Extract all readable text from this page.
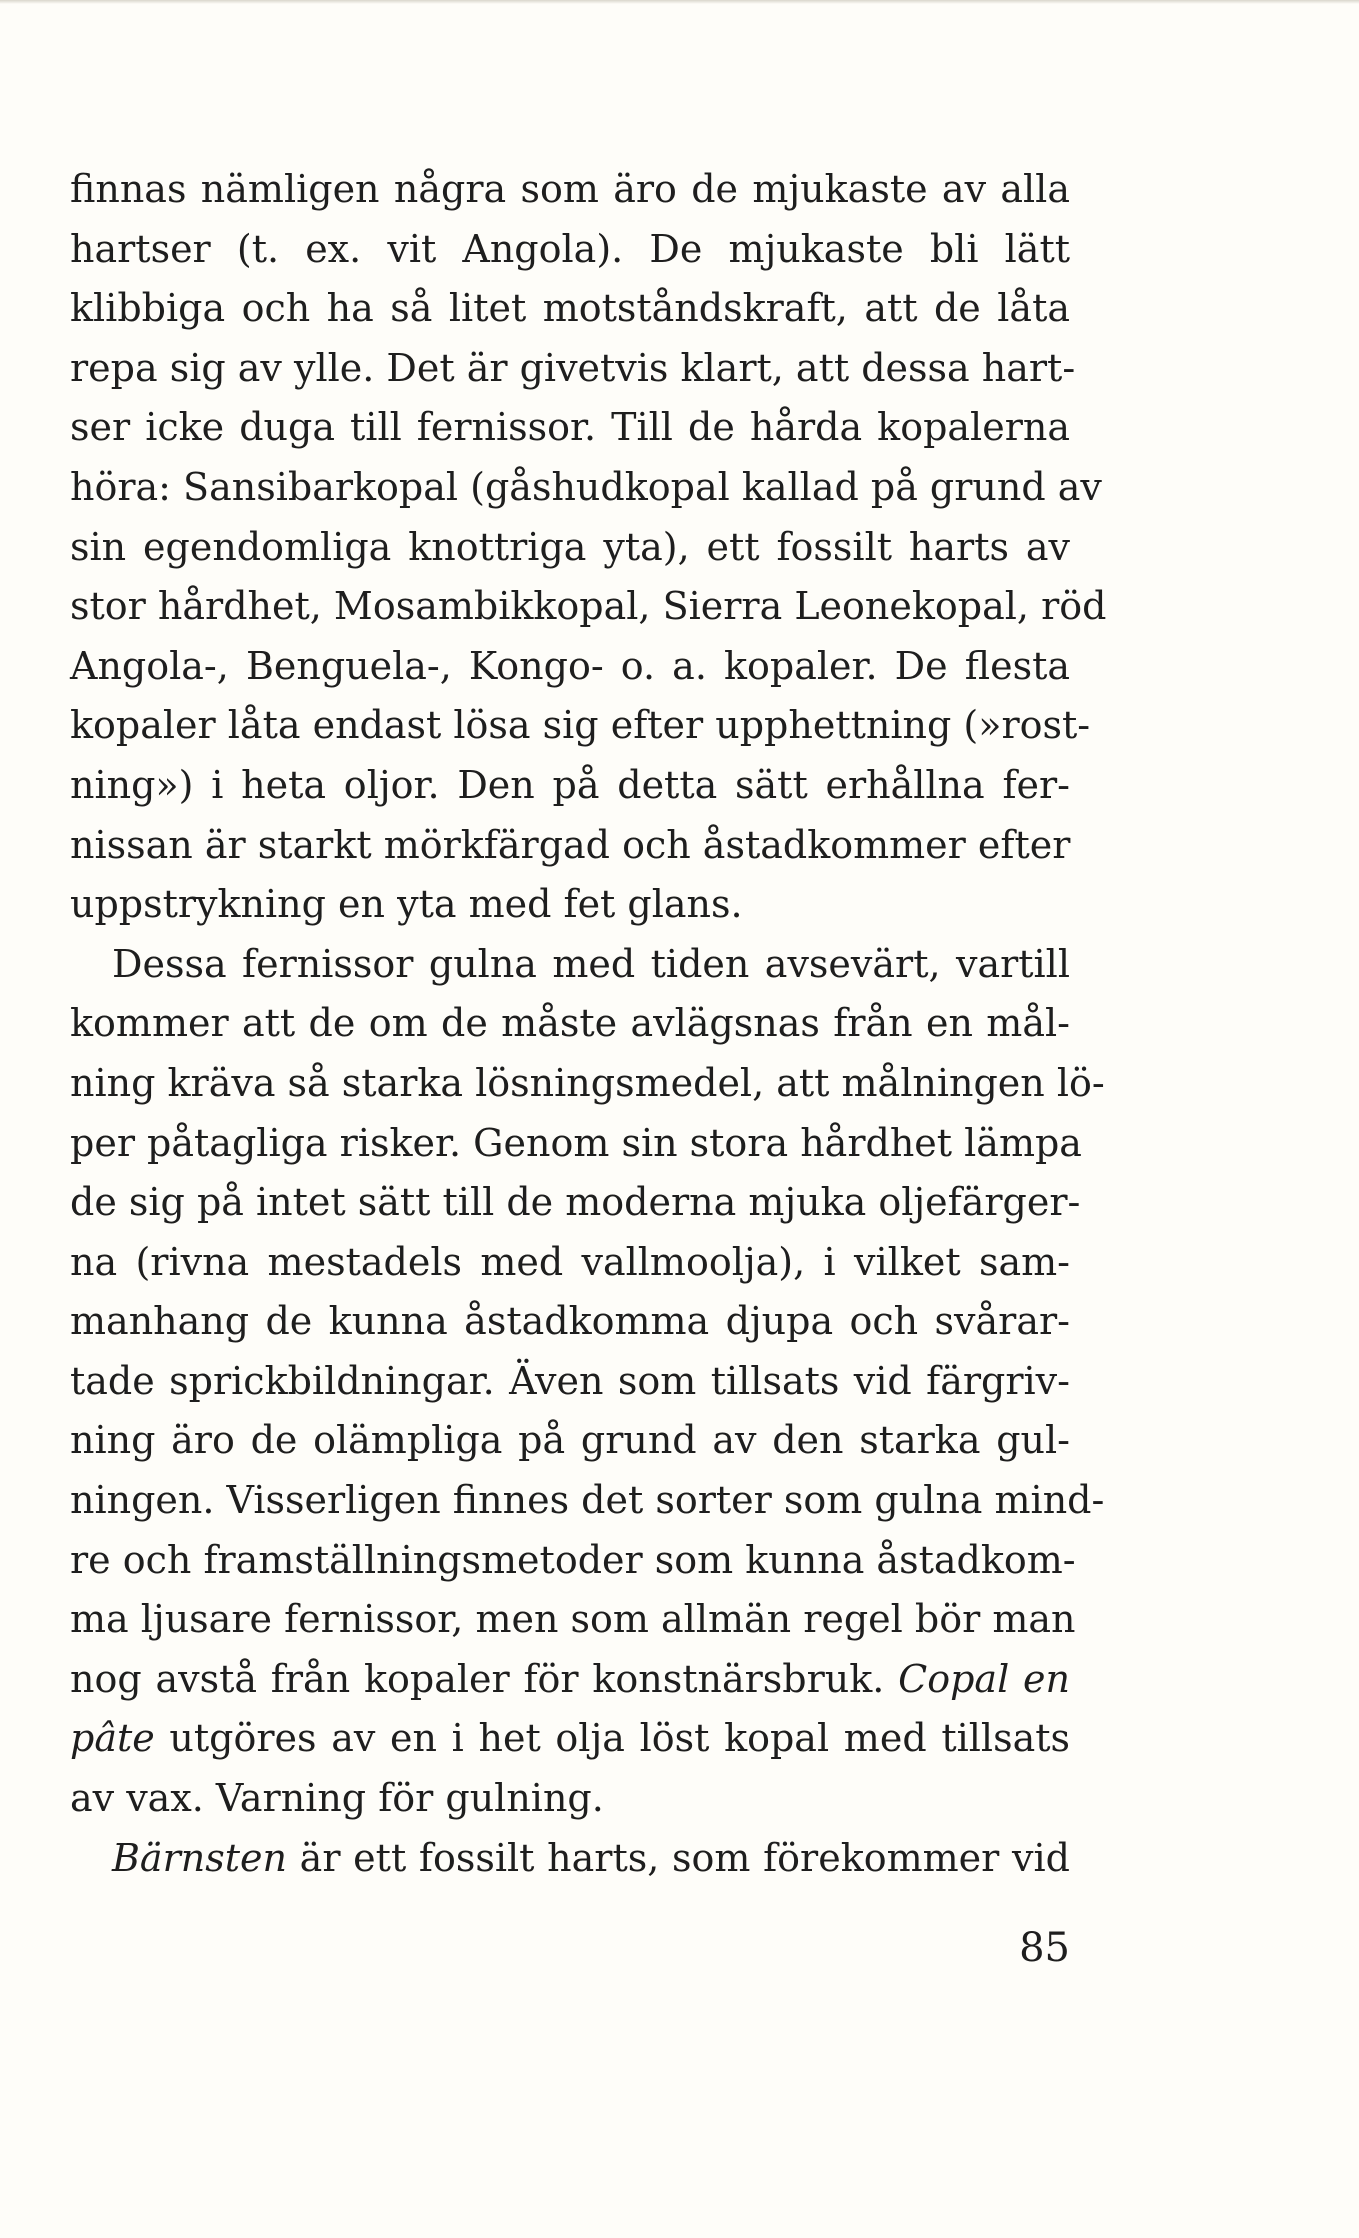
finnas nämligen några som äro de mjukaste av alla
hartser (t. ex. vit Angola). De mjukaste bli lätt
klibbiga och ha så litet motståndskraft, att de låta
repa sig av ylle. Det är givetvis klart, att dessa hart-
ser icke duga till fernissor. Till de hårda kopalerna
höra: Sansibarkopal (gåshudkopal kallad på grund av
sin egendomliga knottriga yta), ett fossilt harts av
stor hårdhet, Mosambikkopal, Sierra Leonekopal, röd
Angola-, Benguela-, Kongo- o. a. kopaler. De flesta
kopaler låta endast lösa sig efter upphettning (»rost-
ning») i heta oljor. Den på detta sätt erhållna fer-
nissan är starkt mörkfärgad och åstadkommer efter
uppstrykning en yta med fet glans.
Dessa fernissor gulna med tiden avsevärt, vartill
kommer att de om de måste avlägsnas från en mål-
ning kräva så starka lösningsmedel, att målningen lö-
per påtagliga risker. Genom sin stora hårdhet lämpa
de sig på intet sätt till de moderna mjuka oljefärger-
na (rivna mestadels med vallmoolja), i vilket sam-
manhang de kunna åstadkomma djupa och svårar-
tade sprickbildningar. Även som tillsats vid färgriv-
ning äro de olämpliga på grund av den starka gul-
ningen. Visserligen finnes det sorter som gulna mind-
re och framställningsmetoder som kunna åstadkom-
ma ljusare fernissor, men som allmän regel bör man
nog avstå från kopaler för konstnärsbruk. Copal en
pâte utgöres av en i het olja löst kopal med tillsats
av vax. Varning för gulning.
Bärnsten är ett fossilt harts, som förekommer vid
85
